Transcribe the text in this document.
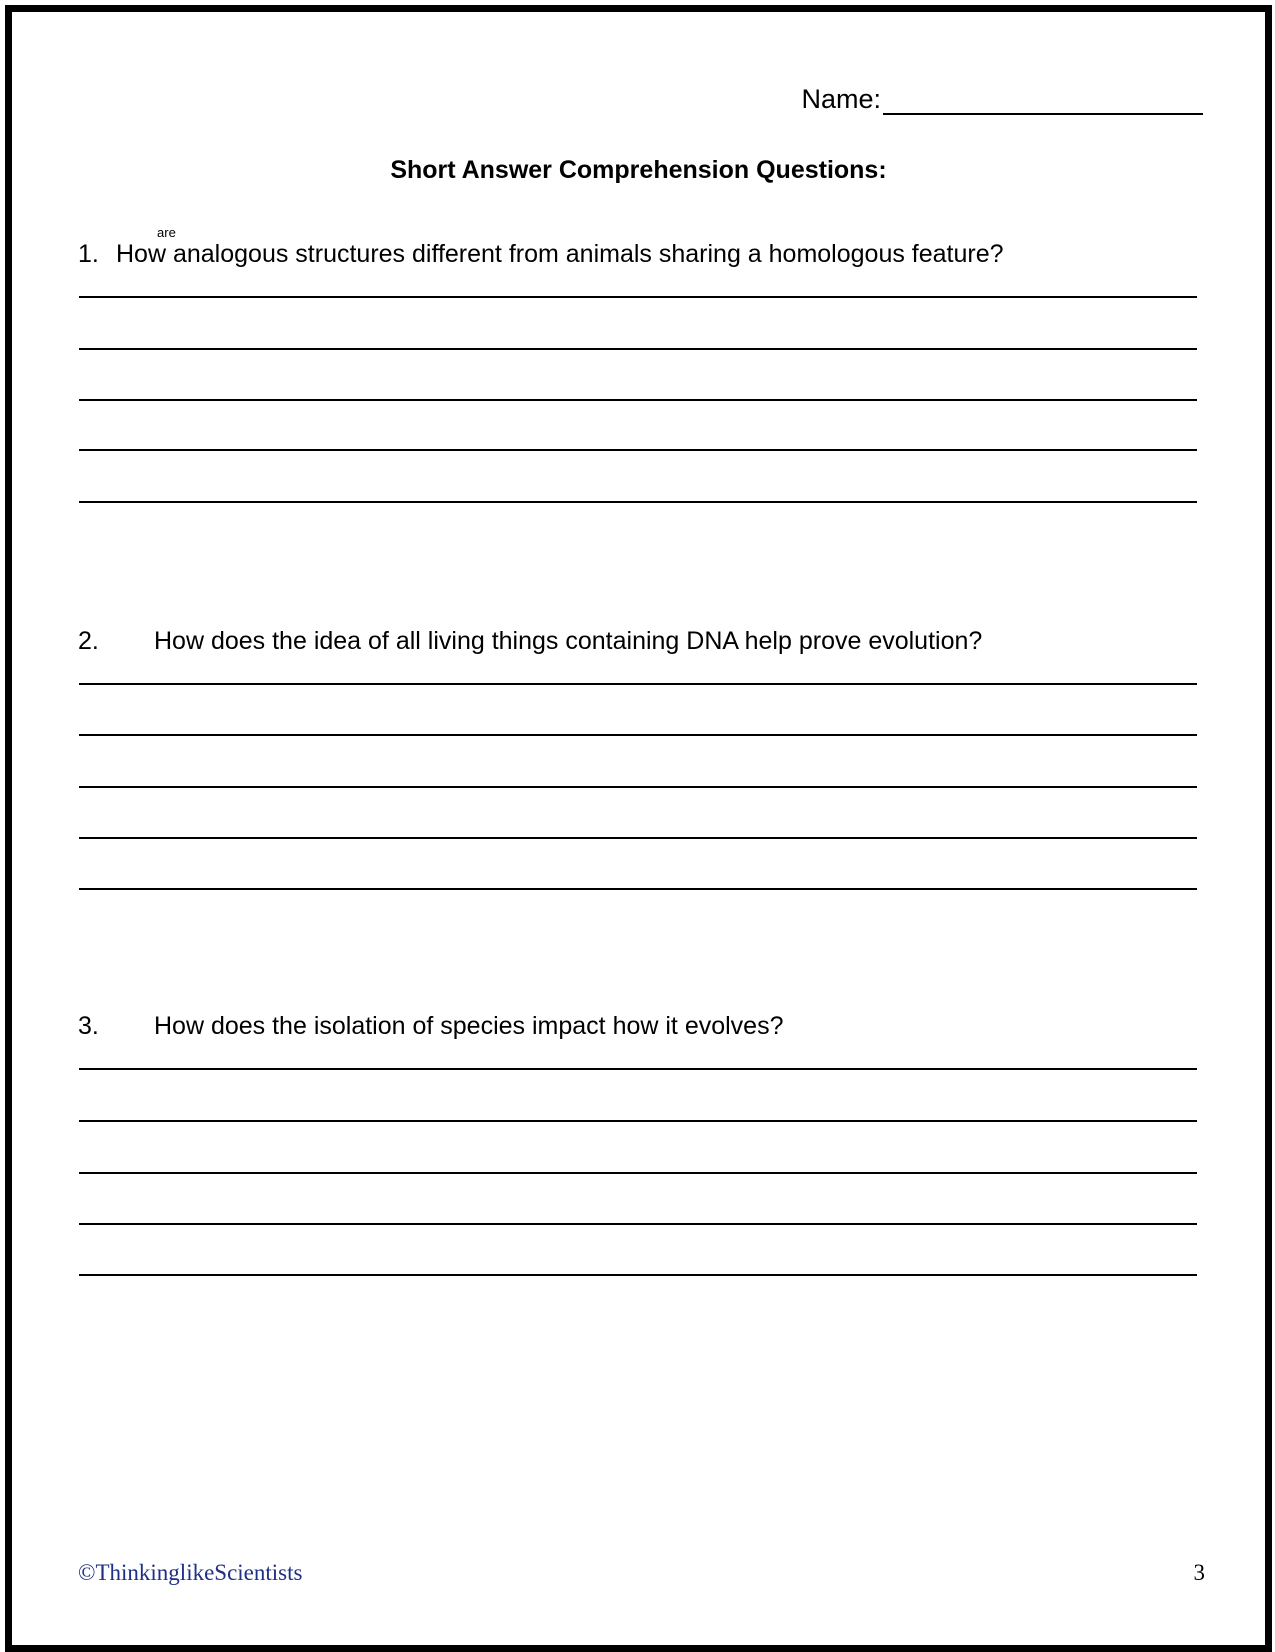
Name:
Short Answer Comprehension Questions:
1. How
are
analogous structures different from animals sharing a homologous feature?
2. How does the idea of all living things containing DNA help prove evolution?
3. How does the isolation of species impact how it evolves?
©ThinkinglikeScientists	3
